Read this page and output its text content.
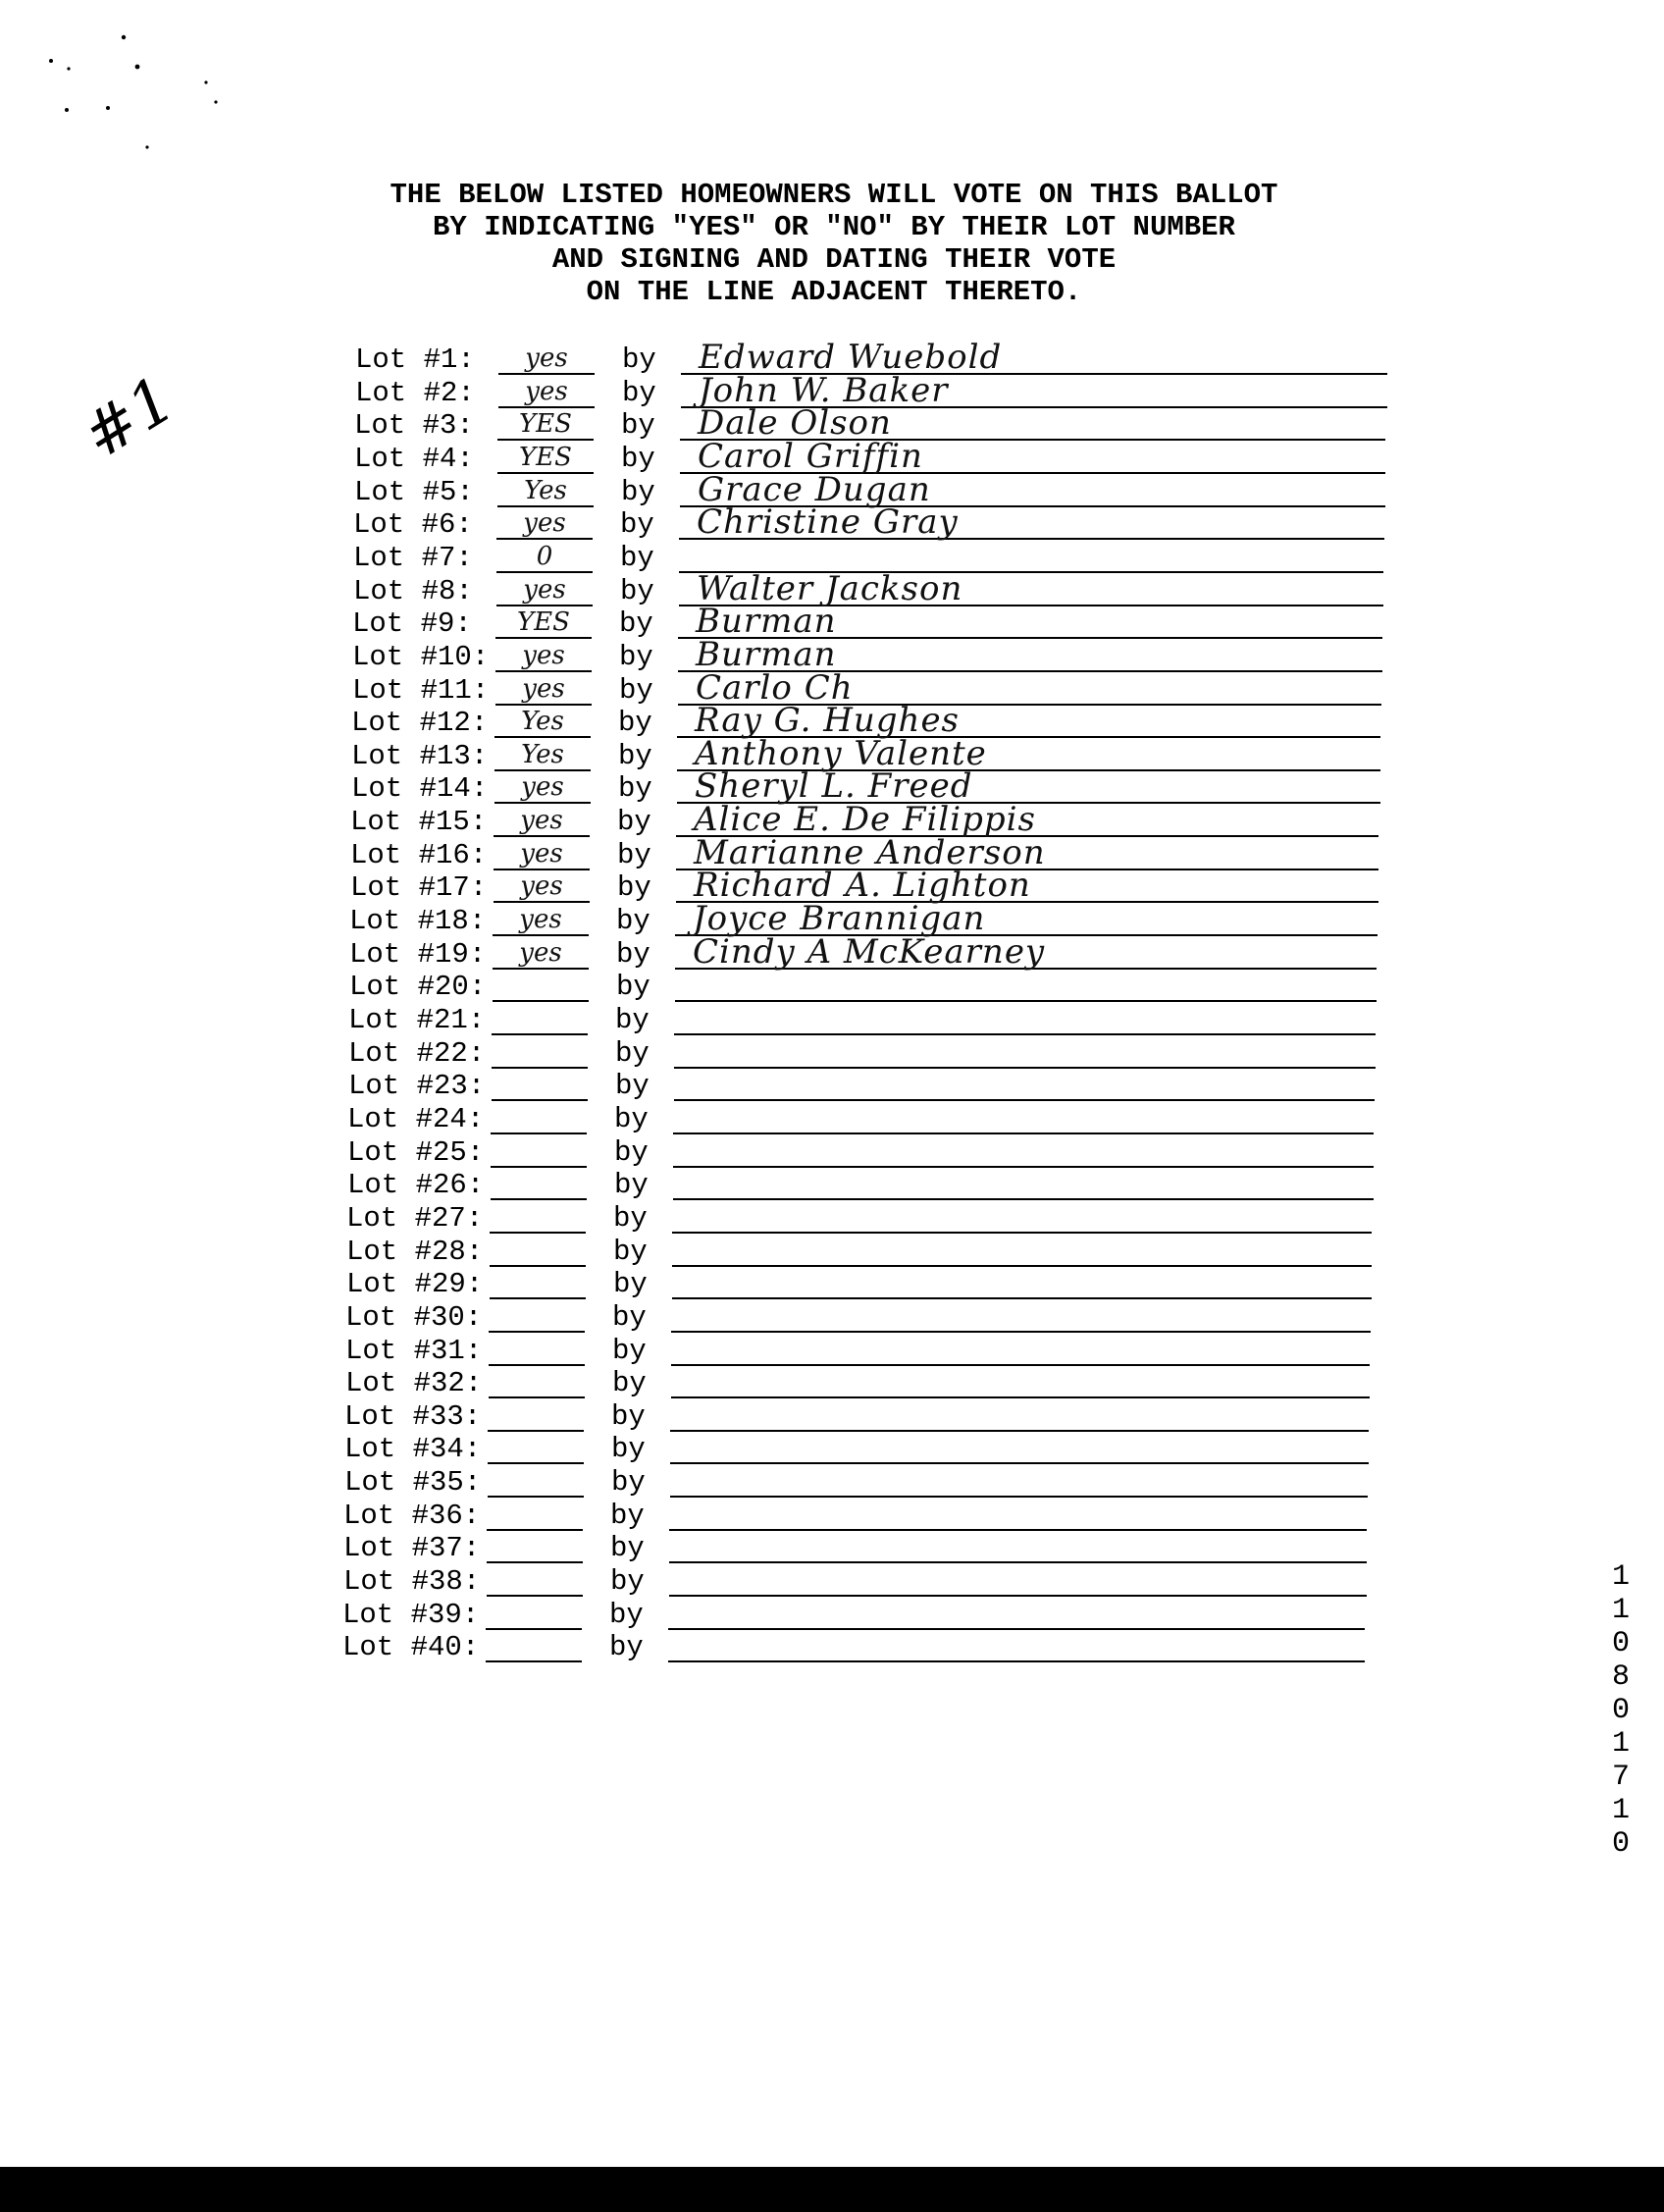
THE BELOW LISTED HOMEOWNERS WILL VOTE ON THIS BALLOT
BY INDICATING "YES" OR "NO" BY THEIR LOT NUMBER
AND SIGNING AND DATING THEIR VOTE
ON THE LINE ADJACENT THERETO.
#1
Lot #1:	yes	by Edward Wuebold
Lot #2:	yes	by John W. Baker
Lot #3:	YES	by Dale Olson
Lot #4:	YES	by Carol Griffin
Lot #5:	Yes	by Grace Dugan
Lot #6:	yes	by Christine Gray
Lot #7:	0	by
Lot #8:	yes	by Walter Jackson
Lot #9:	YES	by Burman
Lot #10:	yes	by Burman
Lot #11:	yes	by Carlo Ch
Lot #12:	Yes	by Ray G. Hughes
Lot #13:	Yes	by Anthony Valente
Lot #14:	yes	by Sheryl L. Freed
Lot #15:	yes	by Alice E. De Filippis
Lot #16:	yes	by Marianne Anderson
Lot #17:	yes	by Richard A. Lighton
Lot #18:	yes	by Joyce Brannigan
Lot #19:	yes	by Cindy A McKearney
Lot #20:	by
Lot #21:	by
Lot #22:	by
Lot #23:	by
Lot #24:	by
Lot #25:	by
Lot #26:	by
Lot #27:	by
Lot #28:	by
Lot #29:	by
Lot #30:	by
Lot #31:	by
Lot #32:	by
Lot #33:	by
Lot #34:	by
Lot #35:	by
Lot #36:	by
Lot #37:	by
Lot #38:	by
Lot #39:	by
Lot #40:	by
11080 1710
